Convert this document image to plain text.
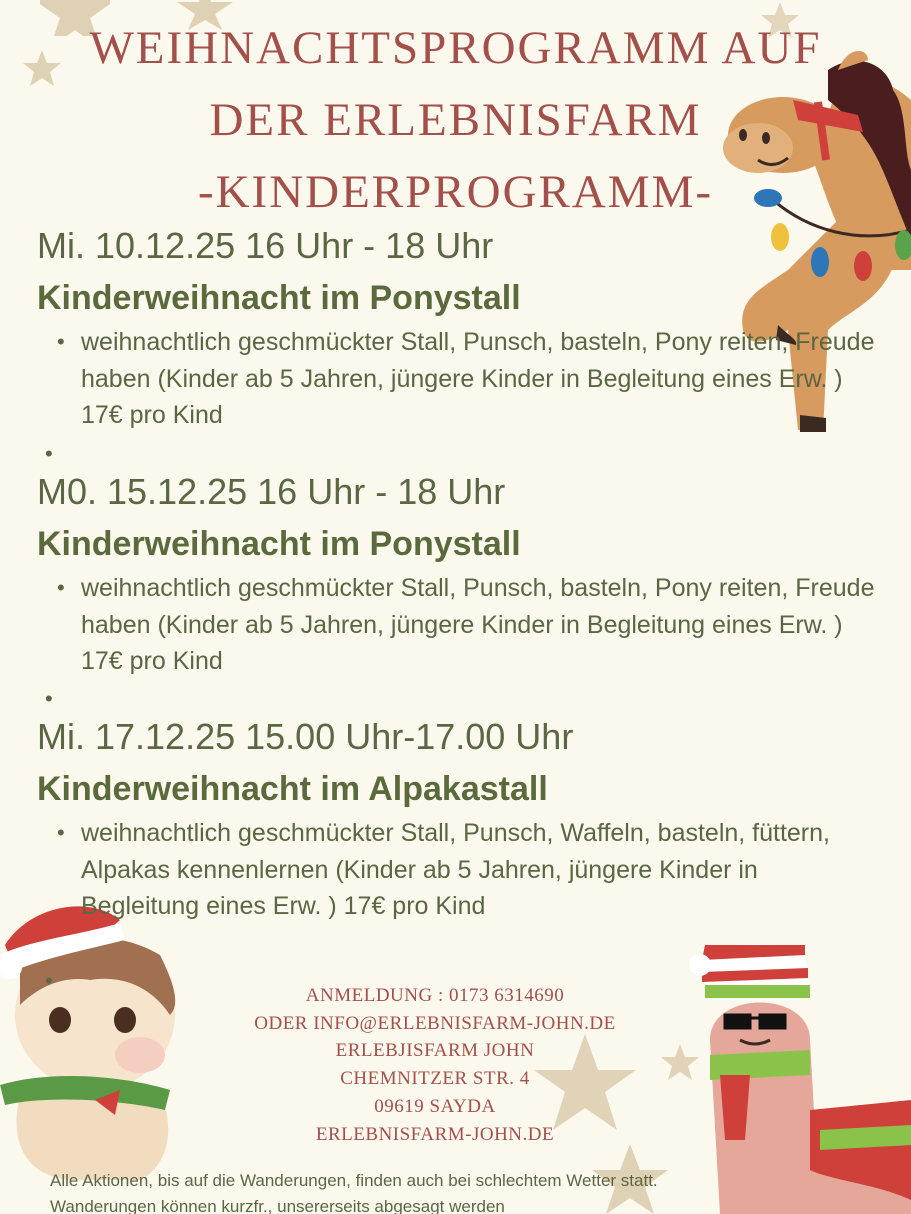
WEIHNACHTSPROGRAMM AUF
DER ERLEBNISFARM
-KINDERPROGRAMM-
Mi. 10.12.25 16 Uhr - 18 Uhr
Kinderweihnacht im Ponystall
• weihnachtlich geschmückter Stall, Punsch, basteln, Pony reiten, Freude haben (Kinder ab 5 Jahren, jüngere Kinder in Begleitung eines Erw. ) 17€ pro Kind
•
M0. 15.12.25 16 Uhr - 18 Uhr
Kinderweihnacht im Ponystall
• weihnachtlich geschmückter Stall, Punsch, basteln, Pony reiten, Freude haben (Kinder ab 5 Jahren, jüngere Kinder in Begleitung eines Erw. ) 17€ pro Kind
•
Mi. 17.12.25 15.00 Uhr-17.00 Uhr
Kinderweihnacht im Alpakastall
• weihnachtlich geschmückter Stall, Punsch, Waffeln, basteln, füttern, Alpakas kennenlernen (Kinder ab 5 Jahren, jüngere Kinder in Begleitung eines Erw. ) 17€ pro Kind
•
ANMELDUNG : 0173 6314690
ODER INFO@ERLEBNISFARM-JOHN.DE
ERLEBJISFARM JOHN
CHEMNITZER STR. 4
09619 SAYDA
ERLEBNISFARM-JOHN.DE
Alle Aktionen, bis auf die Wanderungen, finden auch bei schlechtem Wetter statt.
Wanderungen können kurzfr., unsererseits abgesagt werden
